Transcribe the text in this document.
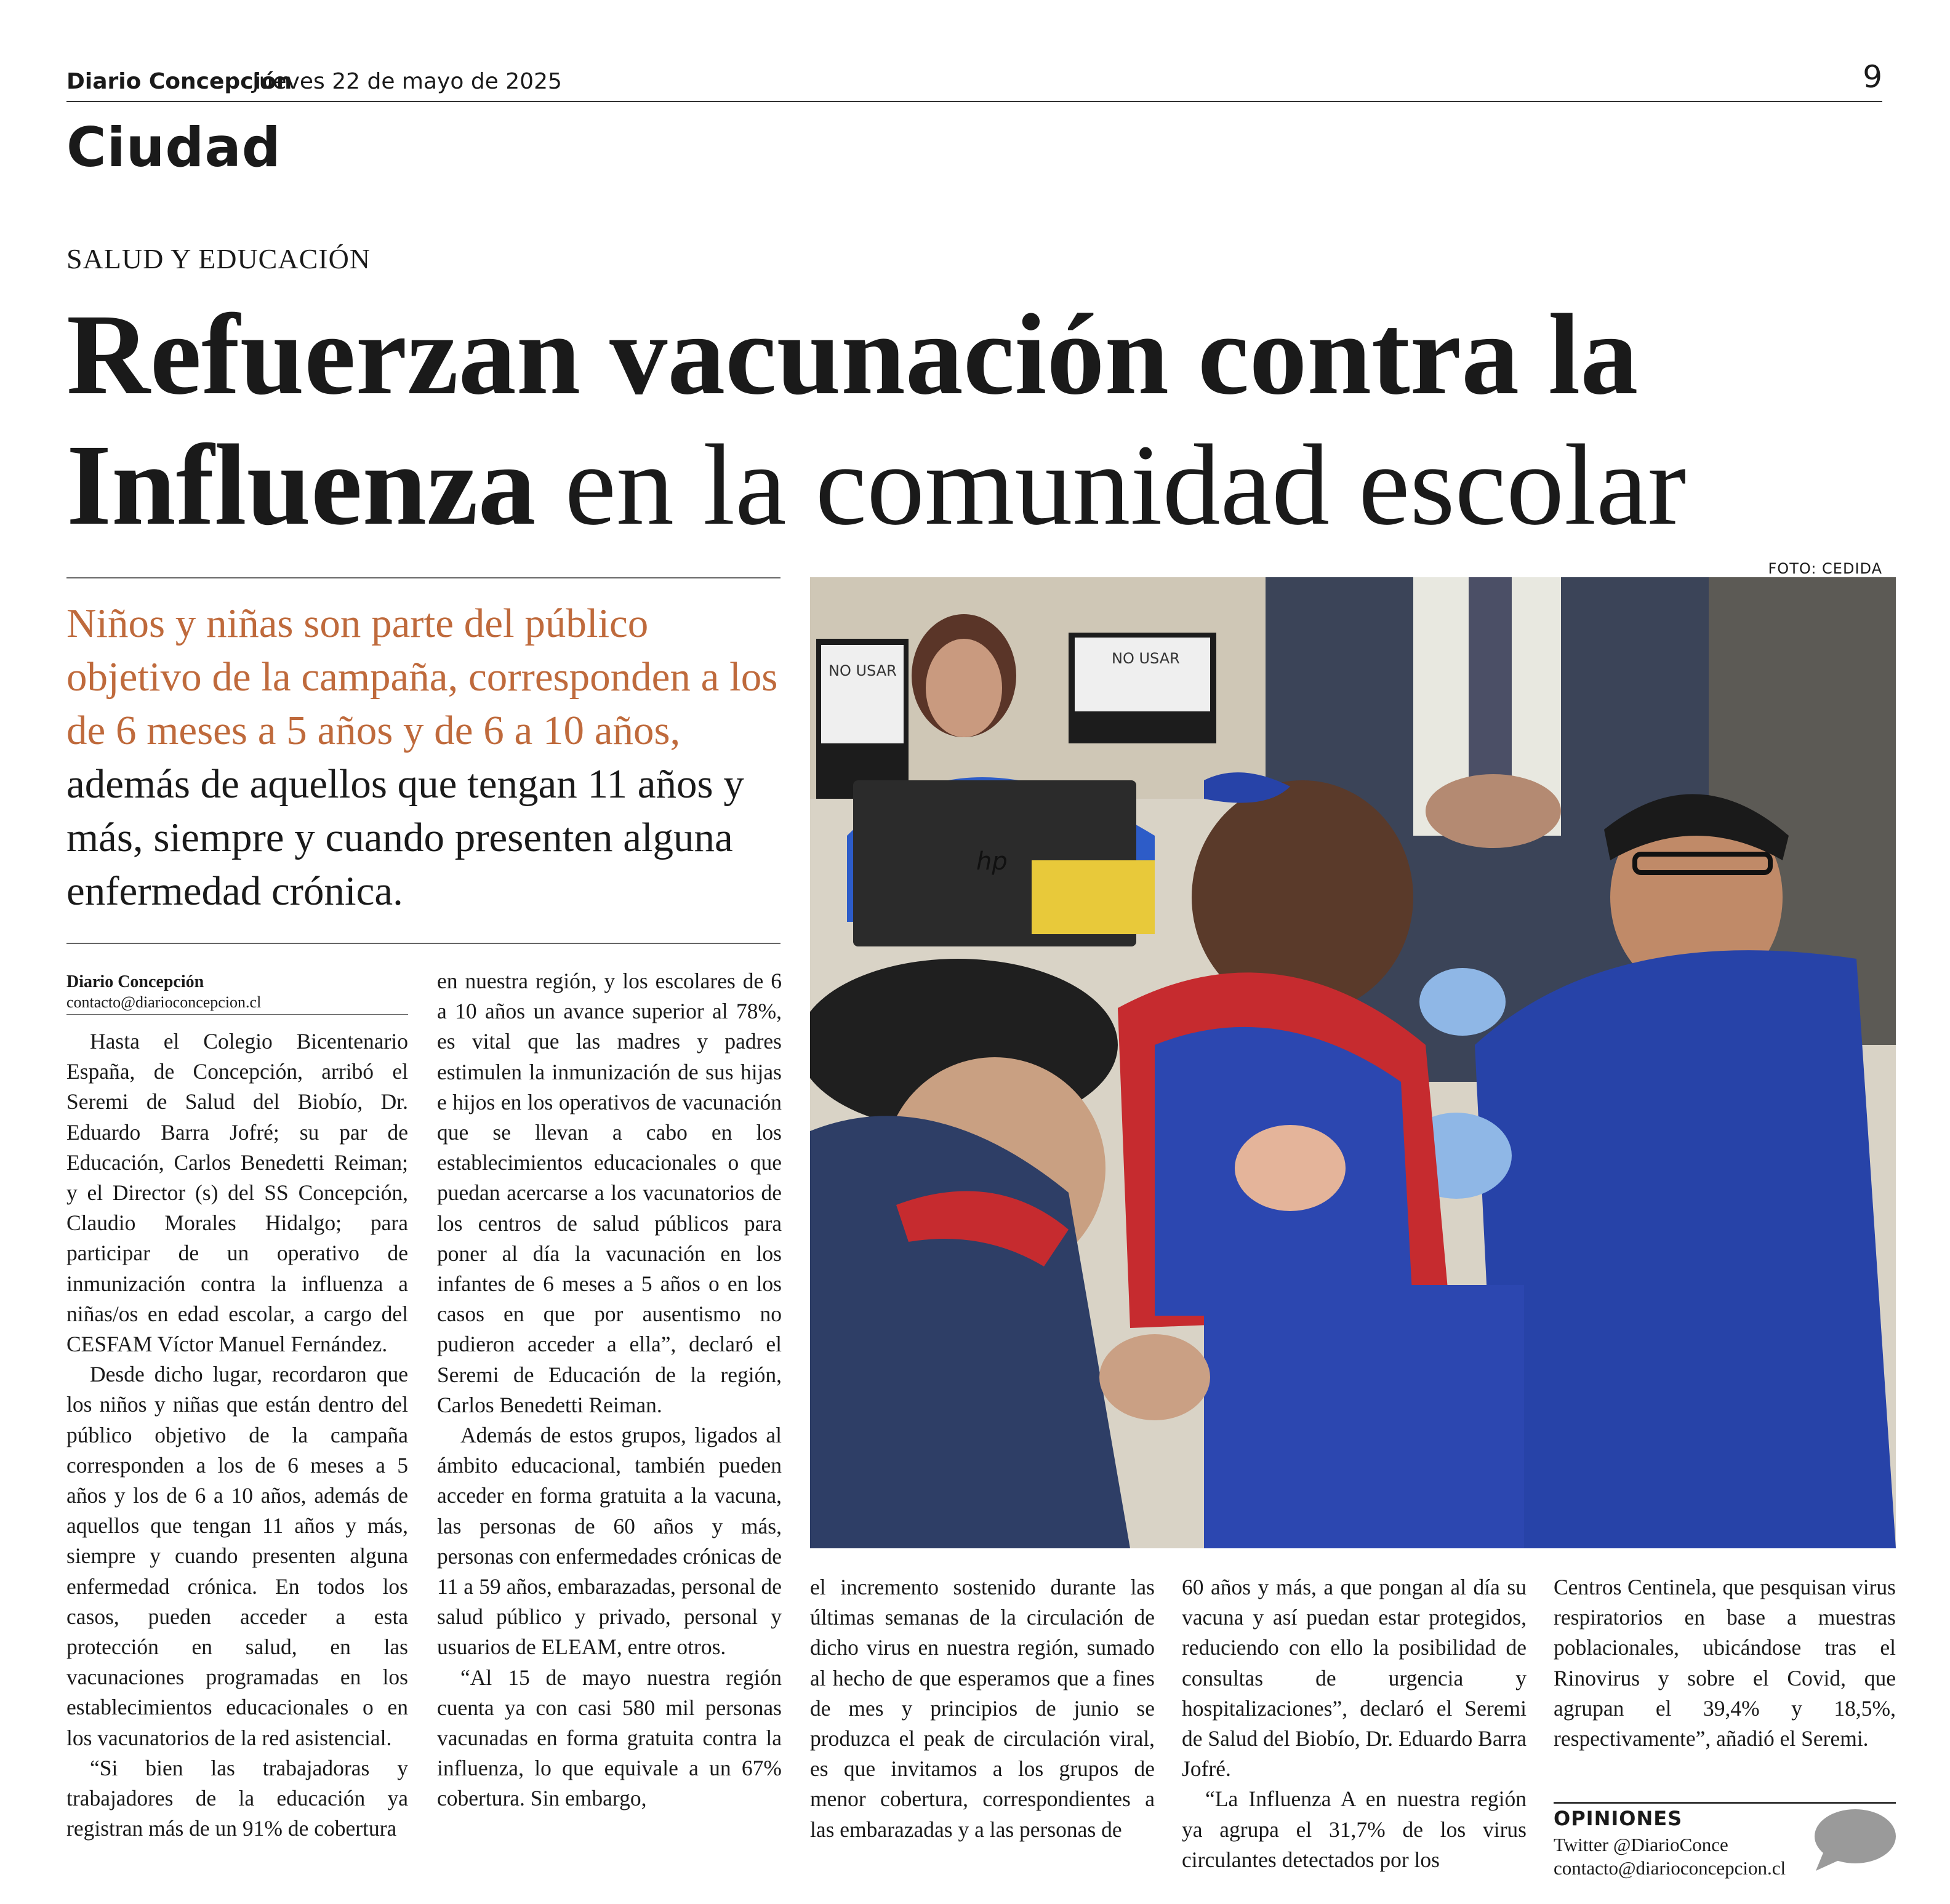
Diario Concepción
Jueves 22 de mayo de 2025	9
Ciudad
SALUD Y EDUCACIÓN
Refuerzan vacunación contra la
Influenza en la comunidad escolar
FOTO: CEDIDA
Niños y niñas son parte del público objetivo de la campaña, corresponden a los de 6 meses a 5 años y de 6 a 10 años, además de aquellos que tengan 11 años y más, siempre y cuando presenten alguna enfermedad crónica.
Diario Concepción
contacto@diarioconcepcion.cl

Hasta el Colegio Bicentenario España, de Concepción, arribó el Seremi de Salud del Biobío, Dr. Eduardo Barra Jofré; su par de Educación, Carlos Benedetti Reiman; y el Director (s) del SS Concepción, Claudio Morales Hidalgo; para participar de un operativo de inmunización contra la influenza a niñas/os en edad escolar, a cargo del CESFAM Víctor Manuel Fernández.

Desde dicho lugar, recordaron que los niños y niñas que están dentro del público objetivo de la campaña corresponden a los de 6 meses a 5 años y los de 6 a 10 años, además de aquellos que tengan 11 años y más, siempre y cuando presenten alguna enfermedad crónica. En todos los casos, pueden acceder a esta protección en salud, en las vacunaciones programadas en los establecimientos educacionales o en los vacunatorios de la red asistencial.

“Si bien las trabajadoras y trabajadores de la educación ya registran más de un 91% de cobertura

en nuestra región, y los escolares de 6 a 10 años un avance superior al 78%, es vital que las madres y padres estimulen la inmunización de sus hijas e hijos en los operativos de vacunación que se llevan a cabo en los establecimientos educacionales o que puedan acercarse a los vacunatorios de los centros de salud públicos para poner al día la vacunación en los infantes de 6 meses a 5 años o en los casos en que por ausentismo no pudieron acceder a ella”, declaró el Seremi de Educación de la región, Carlos Benedetti Reiman.

Además de estos grupos, ligados al ámbito educacional, también pueden acceder en forma gratuita a la vacuna, las personas de 60 años y más, personas con enfermedades crónicas de 11 a 59 años, embarazadas, personal de salud público y privado, personal y usuarios de ELEAM, entre otros.

“Al 15 de mayo nuestra región cuenta ya con casi 580 mil personas vacunadas en forma gratuita contra la influenza, lo que equivale a un 67% cobertura. Sin embargo,

el incremento sostenido durante las últimas semanas de la circulación de dicho virus en nuestra región, sumado al hecho de que esperamos que a fines de mes y principios de junio se produzca el peak de circulación viral, es que invitamos a los grupos de menor cobertura, correspondientes a las embarazadas y a las personas de

60 años y más, a que pongan al día su vacuna y así puedan estar protegidos, reduciendo con ello la posibilidad de consultas de urgencia y hospitalizaciones”, declaró el Seremi de Salud del Biobío, Dr. Eduardo Barra Jofré.

“La Influenza A en nuestra región ya agrupa el 31,7% de los virus circulantes detectados por los

Centros Centinela, que pesquisan virus respiratorios en base a muestras poblacionales, ubicándose tras el Rinovirus y sobre el Covid, que agrupan el 39,4% y 18,5%, respectivamente”, añadió el Seremi.

NO USAR
NO USAR
hp
OPINIONES
Twitter @DiarioConce
contacto@diarioconcepcion.cl
